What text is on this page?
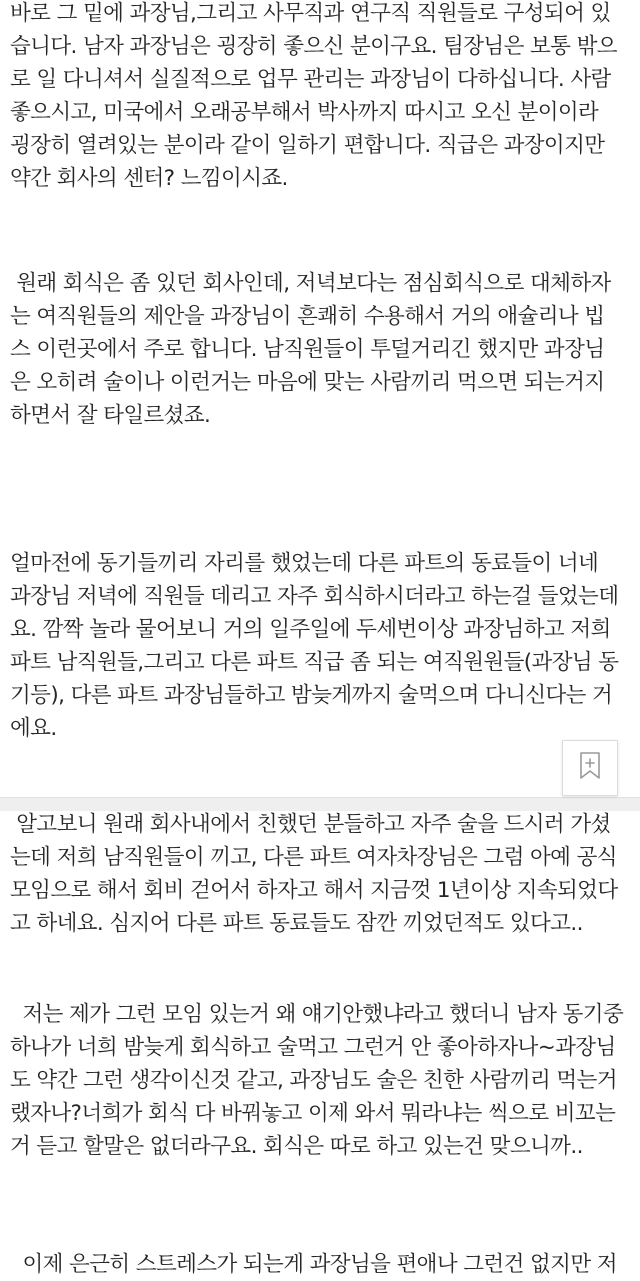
바로 그 밑에 과장님,그리고 사무직과 연구직 직원들로 구성되어 있
습니다. 남자 과장님은 굉장히 좋으신 분이구요. 팀장님은 보통 밖으
로 일 다니셔서 실질적으로 업무 관리는 과장님이 다하십니다. 사람
좋으시고, 미국에서 오래공부해서 박사까지 따시고 오신 분이이라
굉장히 열려있는 분이라 같이 일하기 편합니다. 직급은 과장이지만
약간 회사의 센터? 느낌이시죠.

원래 회식은 좀 있던 회사인데, 저녁보다는 점심회식으로 대체하자
는 여직원들의 제안을 과장님이 흔쾌히 수용해서 거의 애슐리나 빕
스 이런곳에서 주로 합니다. 남직원들이 투덜거리긴 했지만 과장님
은 오히려 술이나 이런거는 마음에 맞는 사람끼리 먹으면 되는거지
하면서 잘 타일르셨죠.

얼마전에 동기들끼리 자리를 했었는데 다른 파트의 동료들이 너네
과장님 저녁에 직원들 데리고 자주 회식하시더라고 하는걸 들었는데
요. 깜짝 놀라 물어보니 거의 일주일에 두세번이상 과장님하고 저희
파트 남직원들,그리고 다른 파트 직급 좀 되는 여직원원들(과장님 동
기등), 다른 파트 과장님들하고 밤늦게까지 술먹으며 다니신다는 거
에요.

알고보니 원래 회사내에서 친했던 분들하고 자주 술을 드시러 가셨
는데 저희 남직원들이 끼고, 다른 파트 여자차장님은 그럼 아예 공식
모임으로 해서 회비 걷어서 하자고 해서 지금껏 1년이상 지속되었다
고 하네요. 심지어 다른 파트 동료들도 잠깐 끼었던적도 있다고..

저는 제가 그런 모임 있는거 왜 얘기안했냐라고 했더니 남자 동기중
하나가 너희 밤늦게 회식하고 술먹고 그런거 안 좋아하자나~과장님
도 약간 그런 생각이신것 같고, 과장님도 술은 친한 사람끼리 먹는거
랬자나?너희가 회식 다 바꿔놓고 이제 와서 뭐라냐는 씩으로 비꼬는
거 듣고 할말은 없더라구요. 회식은 따로 하고 있는건 맞으니까..

이제 은근히 스트레스가 되는게 과장님을 편애나 그런건 없지만 저
